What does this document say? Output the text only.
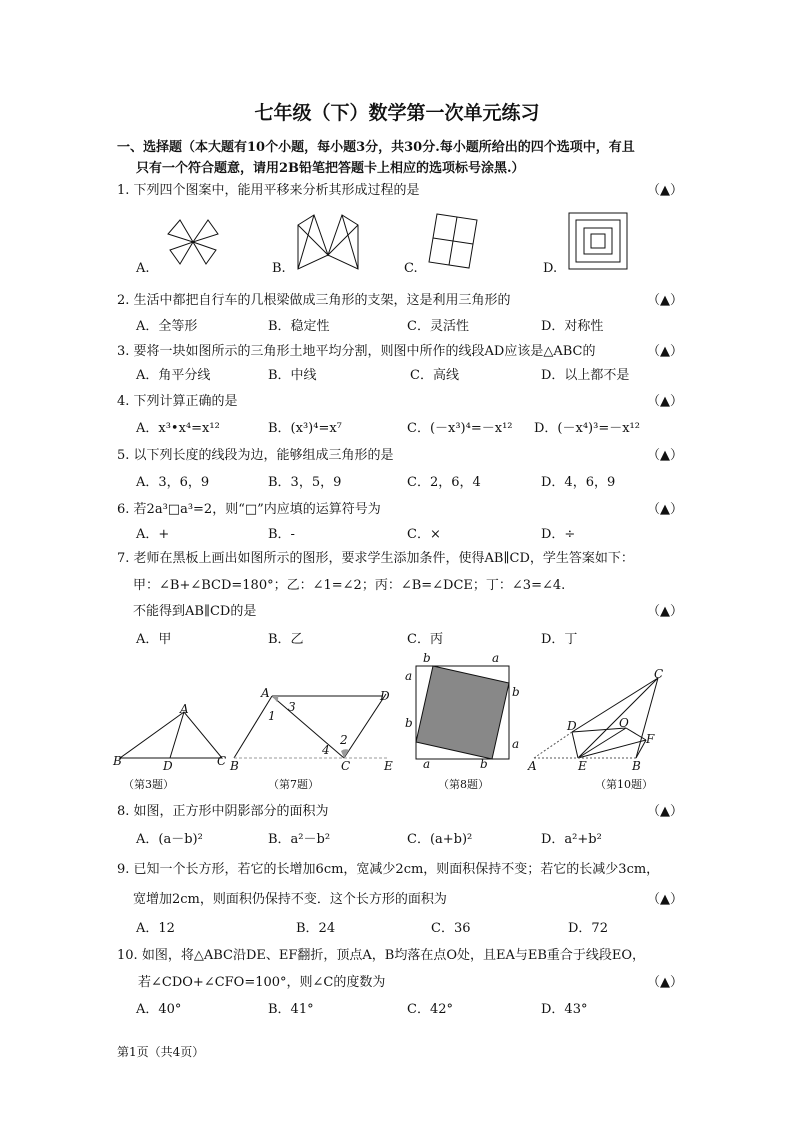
七年级（下）数学第一次单元练习
一、选择题（本大题有10个小题，每小题3分，共30分.每小题所给出的四个选项中，有且
只有一个符合题意，请用2B铅笔把答题卡上相应的选项标号涂黑.）
1. 下列四个图案中，能用平移来分析其形成过程的是	（▲）
A.	B.	C.	D.
2. 生活中都把自行车的几根梁做成三角形的支架，这是利用三角形的	（▲）
A．全等形	B．稳定性	C．灵活性	D．对称性
3. 要将一块如图所示的三角形土地平均分割，则图中所作的线段AD应该是△ABC的	（▲）
A．角平分线	B．中线	C．高线	D．以上都不是
4. 下列计算正确的是	（▲）
A．x³•x⁴=x¹²	B．(x³)⁴=x⁷	C．(－x³)⁴=－x¹² D．(－x⁴)³=－x¹²
5. 以下列长度的线段为边，能够组成三角形的是	（▲）
A．3，6，9	B．3，5，9	C．2，6，4	D．4，6，9
6. 若2a³□a³=2，则“□”内应填的运算符号为	（▲）
A．+	B．-	C．×	D．÷
7. 老师在黑板上画出如图所示的图形，要求学生添加条件，使得AB∥CD，学生答案如下：
甲：∠B+∠BCD=180°；乙：∠1=∠2；丙：∠B=∠DCE；丁：∠3=∠4.
不能得到AB∥CD的是	（▲）
A．甲	B．乙	C．丙	D．丁
A
B	D	C
（第3题）
A
1
3
D
4
2
B	C	E
（第7题）
b	a
a
b
a
b
b
a
（第8题）
C
D	O
F
A	E	B
（第10题）
8. 如图，正方形中阴影部分的面积为	（▲）
A．(a－b)²	B．a²－b²	C．(a+b)²	D．a²+b²
9. 已知一个长方形，若它的长增加6cm，宽减少2cm，则面积保持不变；若它的长减少3cm，
宽增加2cm，则面积仍保持不变．这个长方形的面积为	（▲）
A．12	B．24	C．36	D．72
10. 如图，将△ABC沿DE、EF翻折，顶点A，B均落在点O处，且EA与EB重合于线段EO，
若∠CDO+∠CFO=100°，则∠C的度数为	（▲）
A．40°	B．41°	C．42°	D．43°
第1页（共4页）
